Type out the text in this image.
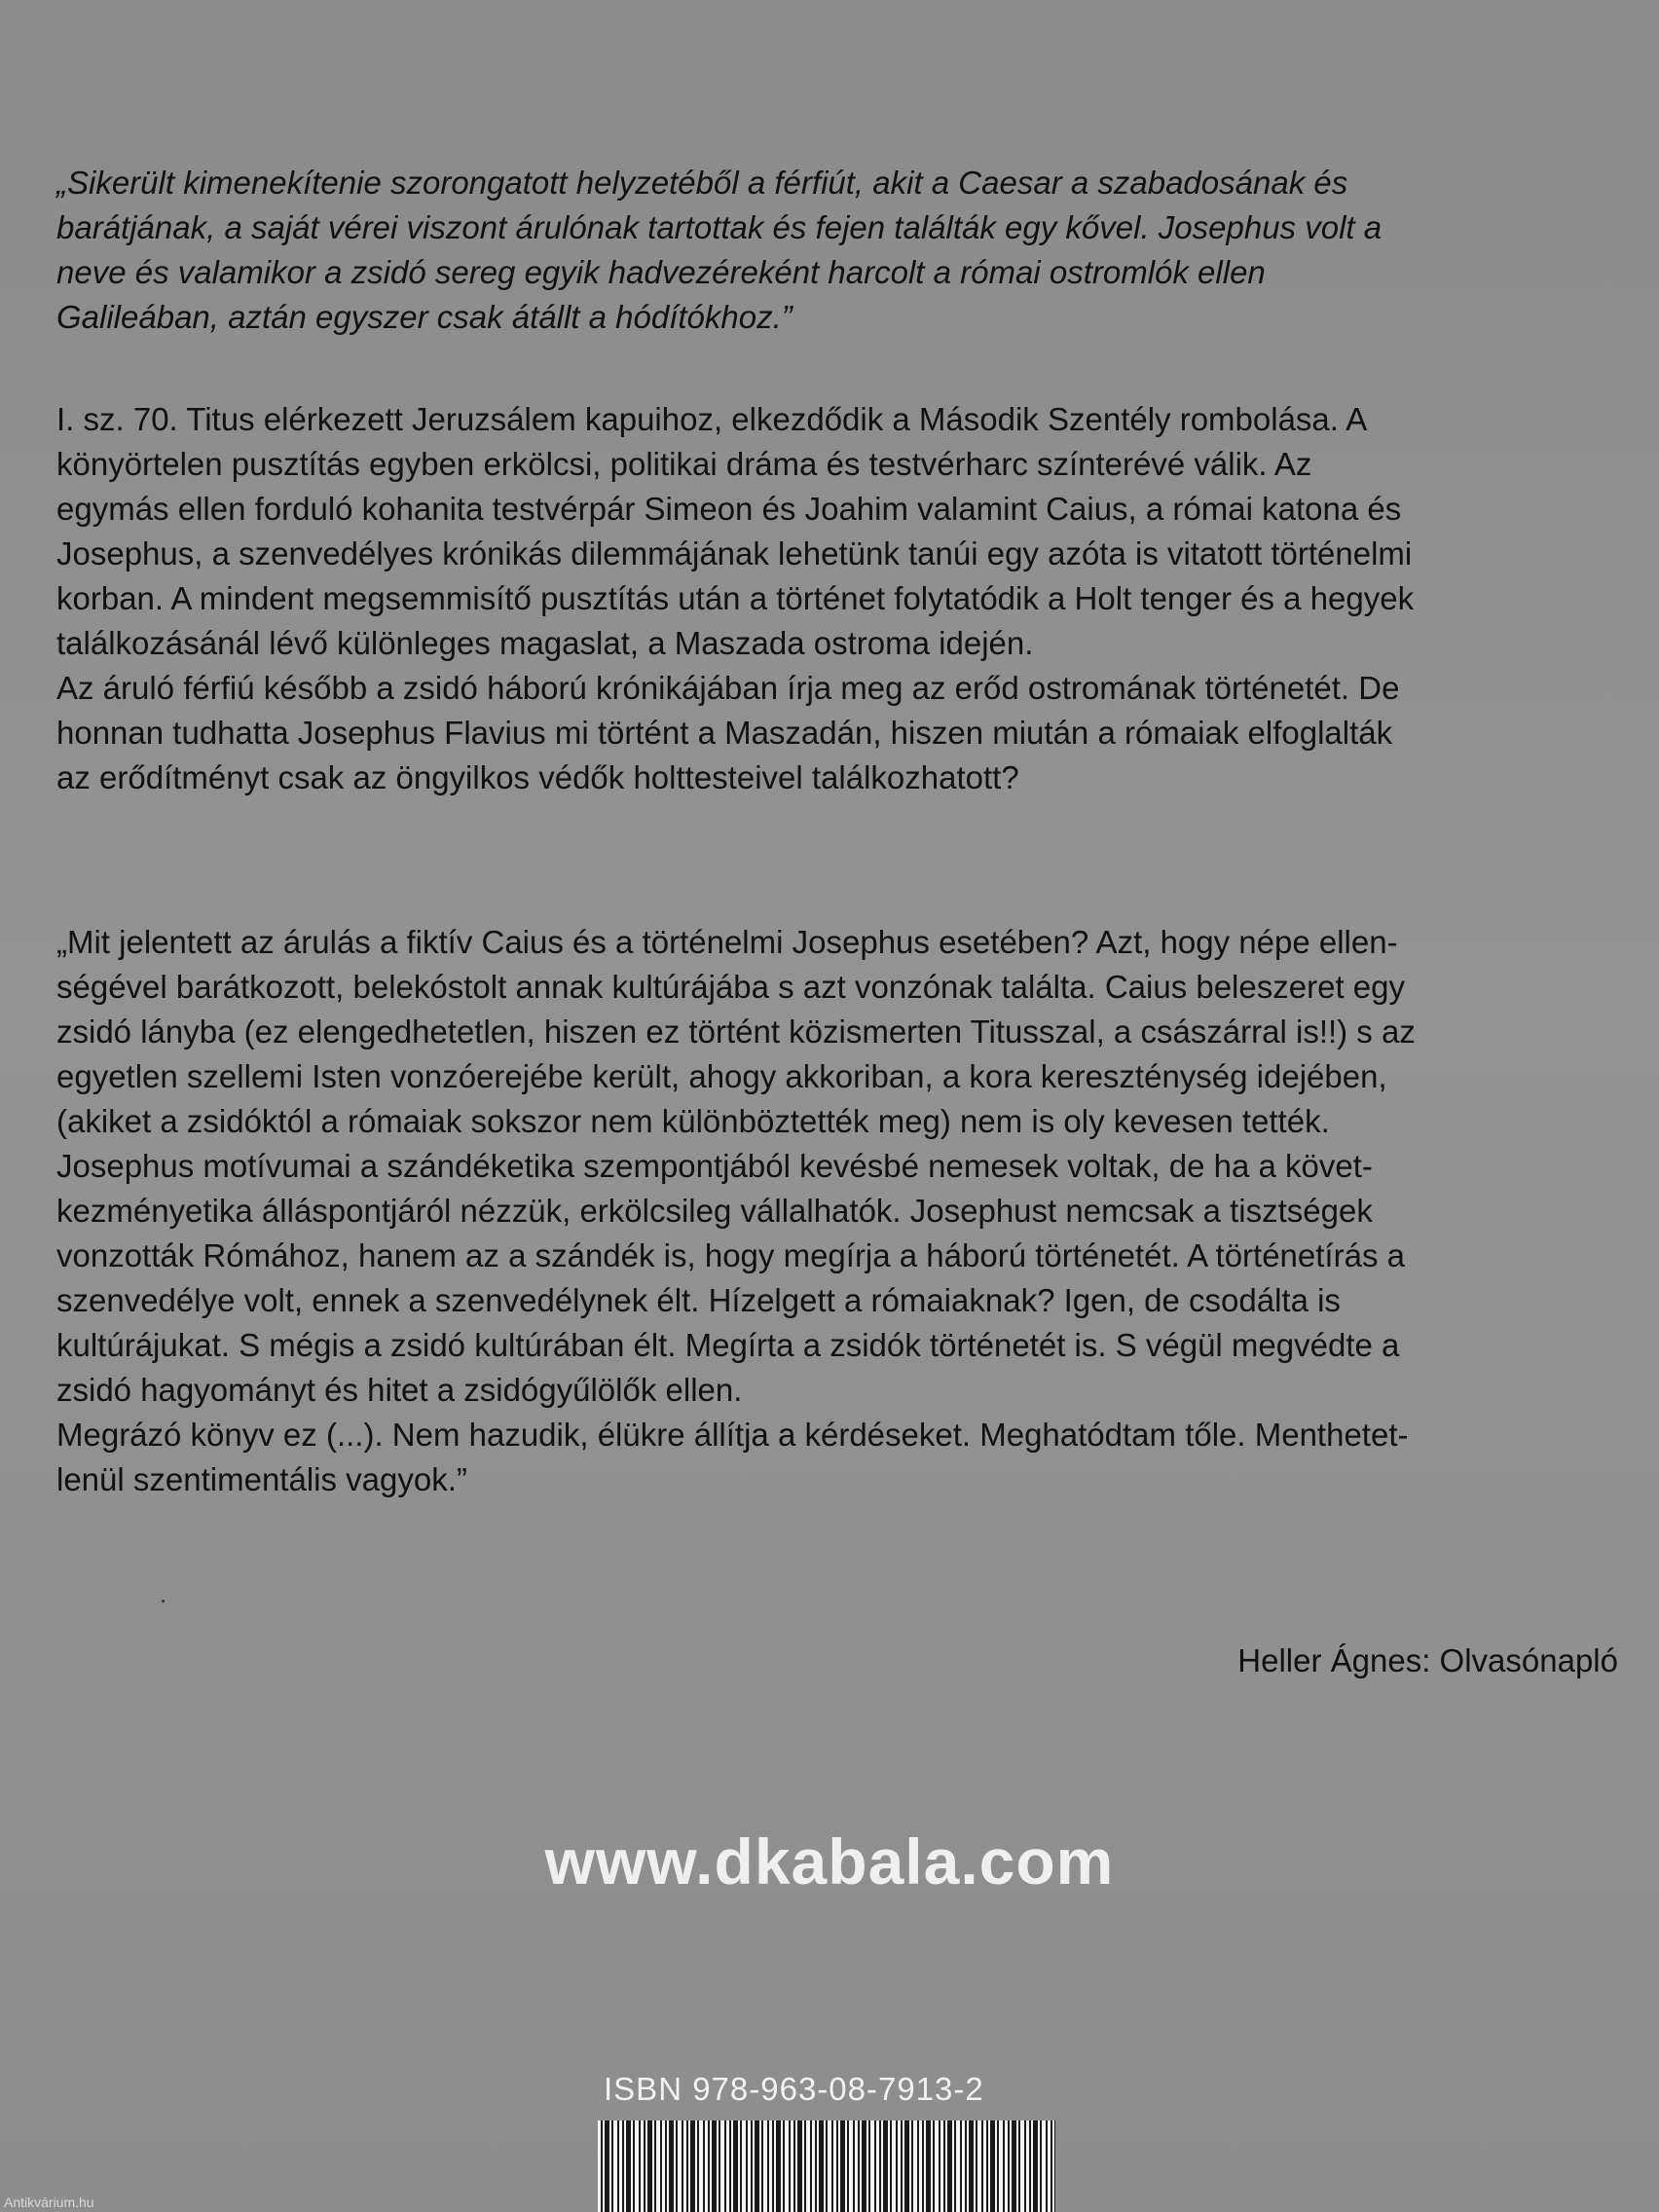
„Sikerült kimenekítenie szorongatott helyzetéből a férfiút, akit a Caesar a szabadosának és
barátjának, a saját vérei viszont árulónak tartottak és fejen találták egy kővel. Josephus volt a
neve és valamikor a zsidó sereg egyik hadvezéreként harcolt a római ostromlók ellen
Galileában, aztán egyszer csak átállt a hódítókhoz.”

I. sz. 70. Titus elérkezett Jeruzsálem kapuihoz, elkezdődik a Második Szentély rombolása. A
könyörtelen pusztítás egyben erkölcsi, politikai dráma és testvérharc színterévé válik. Az
egymás ellen forduló kohanita testvérpár Simeon és Joahim valamint Caius, a római katona és
Josephus, a szenvedélyes krónikás dilemmájának lehetünk tanúi egy azóta is vitatott történelmi
korban. A mindent megsemmisítő pusztítás után a történet folytatódik a Holt tenger és a hegyek
találkozásánál lévő különleges magaslat, a Maszada ostroma idején.
Az áruló férfiú később a zsidó háború krónikájában írja meg az erőd ostromának történetét. De
honnan tudhatta Josephus Flavius mi történt a Maszadán, hiszen miután a rómaiak elfoglalták
az erődítményt csak az öngyilkos védők holttesteivel találkozhatott?

„Mit jelentett az árulás a fiktív Caius és a történelmi Josephus esetében? Azt, hogy népe ellen-
ségével barátkozott, belekóstolt annak kultúrájába s azt vonzónak találta. Caius beleszeret egy
zsidó lányba (ez elengedhetetlen, hiszen ez történt közismerten Titusszal, a császárral is!!) s az
egyetlen szellemi Isten vonzóerejébe került, ahogy akkoriban, a kora kereszténység idejében,
(akiket a zsidóktól a rómaiak sokszor nem különböztették meg) nem is oly kevesen tették.
Josephus motívumai a szándéketika szempontjából kevésbé nemesek voltak, de ha a követ-
kezményetika álláspontjáról nézzük, erkölcsileg vállalhatók. Josephust nemcsak a tisztségek
vonzották Rómához, hanem az a szándék is, hogy megírja a háború történetét. A történetírás a
szenvedélye volt, ennek a szenvedélynek élt. Hízelgett a rómaiaknak? Igen, de csodálta is
kultúrájukat. S mégis a zsidó kultúrában élt. Megírta a zsidók történetét is. S végül megvédte a
zsidó hagyományt és hitet a zsidógyűlölők ellen.
Megrázó könyv ez (...). Nem hazudik, élükre állítja a kérdéseket. Meghatódtam tőle. Menthetet-
lenül szentimentális vagyok.”

Heller Ágnes: Olvasónapló

www.dkabala.com

ISBN 978-963-08-7913-2

Antikvárium.hu
